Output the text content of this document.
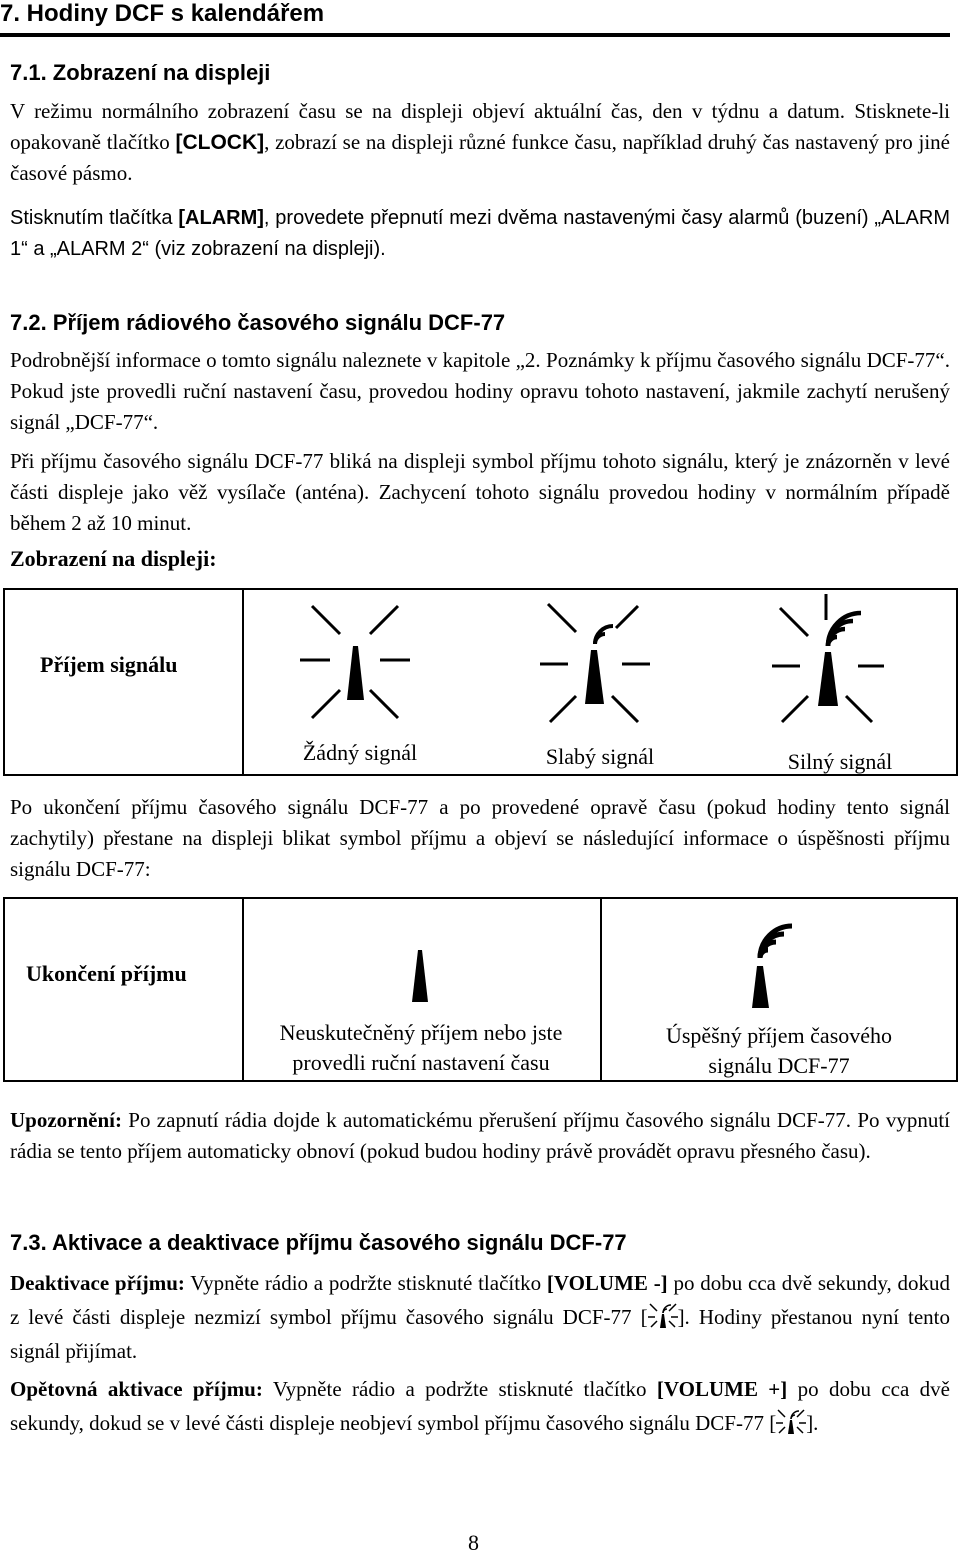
7. Hodiny DCF s kalendářem
7.1. Zobrazení na displeji
V režimu normálního zobrazení času se na displeji objeví aktuální čas, den v týdnu a datum. Stisknete-li opakovaně tlačítko [CLOCK], zobrazí se na displeji různé funkce času, například druhý čas nastavený pro jiné časové pásmo.
Stisknutím tlačítka [ALARM], provedete přepnutí mezi dvěma nastavenými časy alarmů (buzení) „ALARM 1“ a „ALARM 2“ (viz zobrazení na displeji).
7.2. Příjem rádiového časového signálu DCF-77
Podrobnější informace o tomto signálu naleznete v kapitole „2. Poznámky k příjmu časového signálu DCF-77“. Pokud jste provedli ruční nastavení času, provedou hodiny opravu tohoto nastavení, jakmile zachytí nerušený signál „DCF-77“.
Při příjmu časového signálu DCF-77 bliká na displeji symbol příjmu tohoto signálu, který je znázorněn v levé části displeje jako věž vysílače (anténa). Zachycení tohoto signálu provedou hodiny v normálním případě během 2 až 10 minut.
Zobrazení na displeji:
Příjem signálu
Žádný signál	Slabý signál	Silný signál
Po ukončení příjmu časového signálu DCF-77 a po provedené opravě času (pokud hodiny tento signál zachytily) přestane na displeji blikat symbol příjmu a objeví se následující informace o úspěšnosti příjmu signálu DCF-77:
Ukončení příjmu
Neuskutečněný příjem nebo jste
provedli ruční nastavení času
Úspěšný příjem časového
signálu DCF-77
Upozornění: Po zapnutí rádia dojde k automatickému přerušení příjmu časového signálu DCF-77. Po vypnutí rádia se tento příjem automaticky obnoví (pokud budou hodiny právě provádět opravu přesného času).
7.3. Aktivace a deaktivace příjmu časového signálu DCF-77
Deaktivace příjmu: Vypněte rádio a podržte stisknuté tlačítko [VOLUME -] po dobu cca dvě sekundy, dokud z levé části displeje nezmizí symbol příjmu časového signálu DCF-77 [ ]. Hodiny přestanou nyní tento signál přijímat.
Opětovná aktivace příjmu: Vypněte rádio a podržte stisknuté tlačítko [VOLUME +] po dobu cca dvě sekundy, dokud se v levé části displeje neobjeví symbol příjmu časového signálu DCF-77 [ ].
8
